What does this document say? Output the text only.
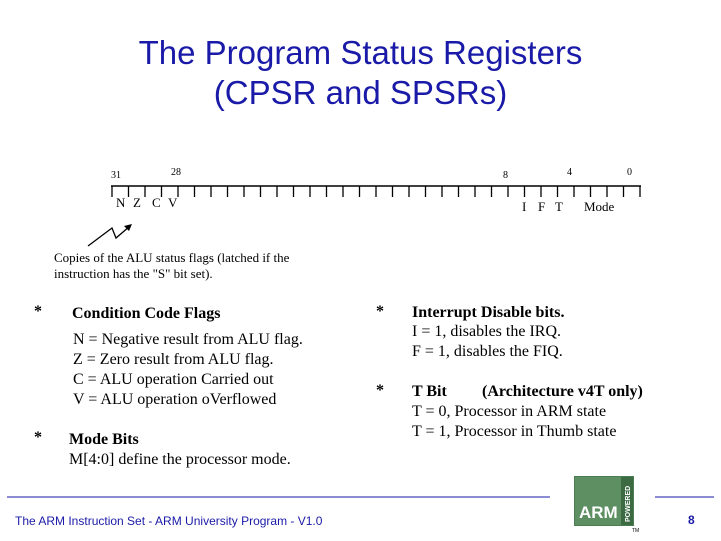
The Program Status Registers
(CPSR and SPSRs)
31	28	8	4	0
N Z C V	I F T Mode
Copies of the ALU status flags (latched if the instruction has the "S" bit set).
* Condition Code Flags
N = Negative result from ALU flag.
Z = Zero result from ALU flag.
C = ALU operation Carried out
V = ALU operation oVerflowed
* Mode Bits
M[4:0] define the processor mode.
* Interrupt Disable bits.
I = 1, disables the IRQ.
F = 1, disables the FIQ.
* T Bit (Architecture v4T only)
T = 0, Processor in ARM state
T = 1, Processor in Thumb state
The ARM Instruction Set - ARM University Program - V1.0	8
ARM POWERED
TM
